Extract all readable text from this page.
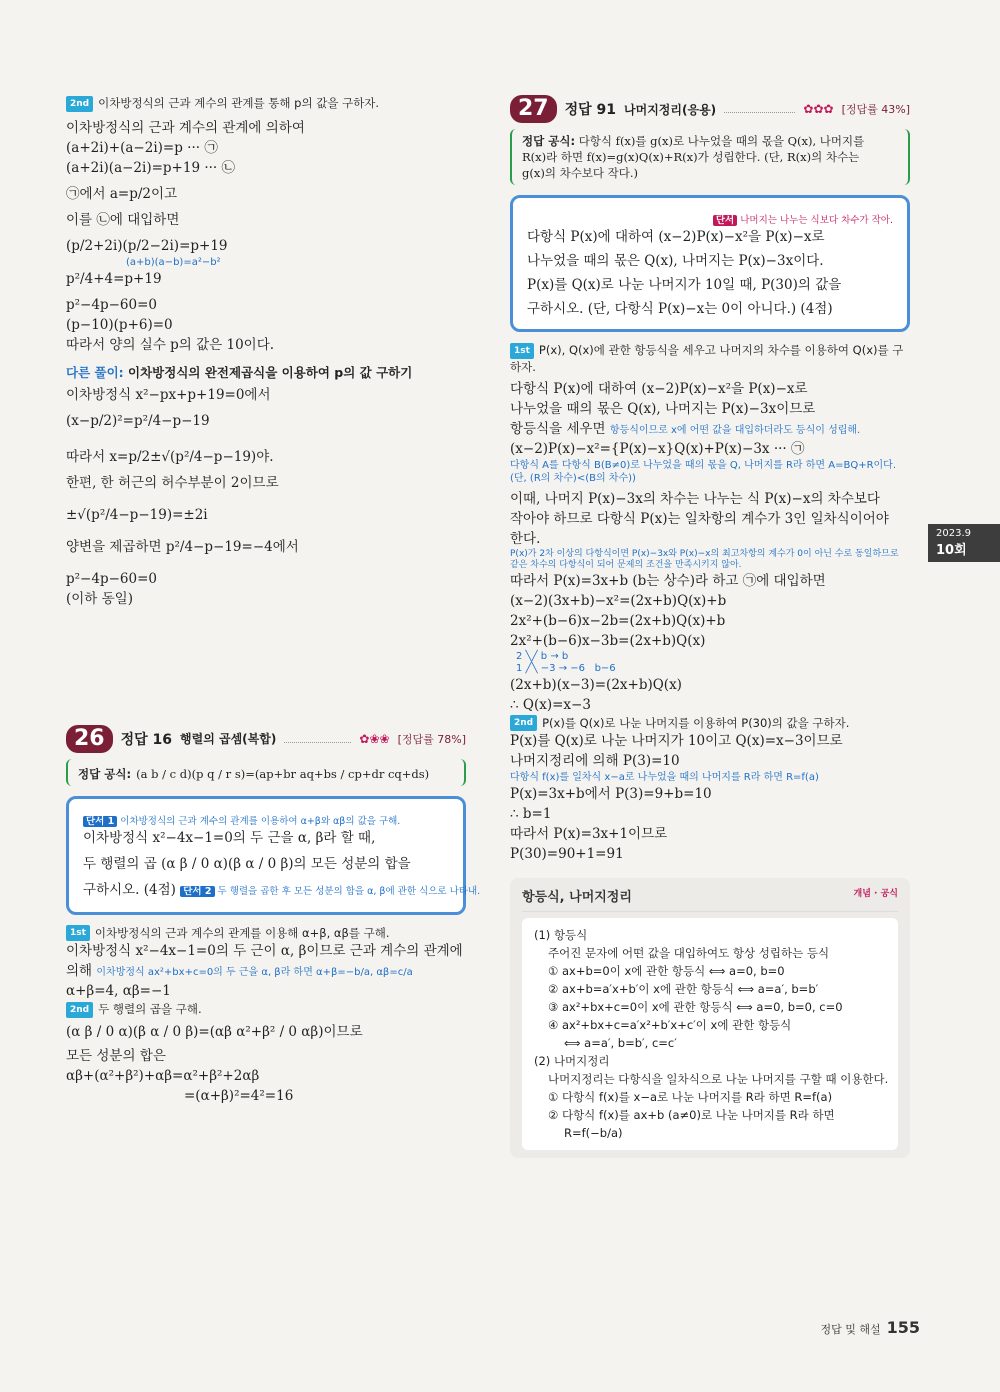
2nd 이차방정식의 근과 계수의 관계를 통해 p의 값을 구하자.
이차방정식의 근과 계수의 관계에 의하여
(a+2i)+(a−2i)=p ··· ㉠
(a+2i)(a−2i)=p+19 ··· ㉡
㉠에서 a=p/2이고
이를 ㉡에 대입하면
(p/2+2i)(p/2−2i)=p+19
(a+b)(a−b)=a²−b²
p²/4+4=p+19
p²−4p−60=0
(p−10)(p+6)=0
따라서 양의 실수 p의 값은 10이다.
다른 풀이: 이차방정식의 완전제곱식을 이용하여 p의 값 구하기
이차방정식 x²−px+p+19=0에서
(x−p/2)²=p²/4−p−19
따라서 x=p/2±√(p²/4−p−19)야.
한편, 한 허근의 허수부분이 2이므로
±√(p²/4−p−19)=±2i
양변을 제곱하면 p²/4−p−19=−4에서
p²−4p−60=0
(이하 동일)
26	정답 16 행렬의 곱셈(복합)	✿❀❀ [정답률 78%]
정답 공식: (a b / c d)(p q / r s)=(ap+br aq+bs / cp+dr cq+ds)
단서 1 이차방정식의 근과 계수의 관계를 이용하여 α+β와 αβ의 값을 구해.
이차방정식 x²−4x−1=0의 두 근을 α, β라 할 때,
두 행렬의 곱 (α β / 0 α)(β α / 0 β)의 모든 성분의 합을
구하시오. (4점) 단서 2 두 행렬을 곱한 후 모든 성분의 합을 α, β에 관한 식으로 나타내.
1st 이차방정식의 근과 계수의 관계를 이용해 α+β, αβ를 구해.
이차방정식 x²−4x−1=0의 두 근이 α, β이므로 근과 계수의 관계에
의해 이차방정식 ax²+bx+c=0의 두 근을 α, β라 하면 α+β=−b/a, αβ=c/a
α+β=4, αβ=−1
2nd 두 행렬의 곱을 구해.
(α β / 0 α)(β α / 0 β)=(αβ α²+β² / 0 αβ)이므로
모든 성분의 합은
αβ+(α²+β²)+αβ=α²+β²+2αβ
=(α+β)²=4²=16
27	정답 91 나머지정리(응용)	✿✿✿ [정답률 43%]
정답 공식: 다항식 f(x)를 g(x)로 나누었을 때의 몫을 Q(x), 나머지를
R(x)라 하면 f(x)=g(x)Q(x)+R(x)가 성립한다. (단, R(x)의 차수는
g(x)의 차수보다 작다.)
단서 나머지는 나누는 식보다 차수가 작아.
다항식 P(x)에 대하여 (x−2)P(x)−x²을 P(x)−x로
나누었을 때의 몫은 Q(x), 나머지는 P(x)−3x이다.
P(x)를 Q(x)로 나눈 나머지가 10일 때, P(30)의 값을
구하시오. (단, 다항식 P(x)−x는 0이 아니다.) (4점)
1st P(x), Q(x)에 관한 항등식을 세우고 나머지의 차수를 이용하여 Q(x)를 구하자.
다항식 P(x)에 대하여 (x−2)P(x)−x²을 P(x)−x로
나누었을 때의 몫은 Q(x), 나머지는 P(x)−3x이므로
항등식을 세우면 항등식이므로 x에 어떤 값을 대입하더라도 등식이 성립해.
(x−2)P(x)−x²={P(x)−x}Q(x)+P(x)−3x ··· ㉠
다항식 A를 다항식 B(B≠0)로 나누었을 때의 몫을 Q, 나머지를 R라 하면 A=BQ+R이다. (단, (R의 차수)<(B의 차수))
이때, 나머지 P(x)−3x의 차수는 나누는 식 P(x)−x의 차수보다
작아야 하므로 다항식 P(x)는 일차항의 계수가 3인 일차식이어야
한다.
P(x)가 2차 이상의 다항식이면 P(x)−3x와 P(x)−x의 최고차항의 계수가 0이 아닌 수로 동일하므로 같은 차수의 다항식이 되어 문제의 조건을 만족시키지 않아.
따라서 P(x)=3x+b (b는 상수)라 하고 ㉠에 대입하면
(x−2)(3x+b)−x²=(2x+b)Q(x)+b
2x²+(b−6)x−2b=(2x+b)Q(x)+b
2x²+(b−6)x−3b=(2x+b)Q(x)
2 ╲╱ b → b
1 ╱╲ −3 → −6 b−6
(2x+b)(x−3)=(2x+b)Q(x)
∴ Q(x)=x−3
2nd P(x)를 Q(x)로 나눈 나머지를 이용하여 P(30)의 값을 구하자.
P(x)를 Q(x)로 나눈 나머지가 10이고 Q(x)=x−3이므로
나머지정리에 의해 P(3)=10
다항식 f(x)를 일차식 x−a로 나누었을 때의 나머지를 R라 하면 R=f(a)
P(x)=3x+b에서 P(3)=9+b=10
∴ b=1
따라서 P(x)=3x+1이므로
P(30)=90+1=91
항등식, 나머지정리	개념 · 공식
(1) 항등식
주어진 문자에 어떤 값을 대입하여도 항상 성립하는 등식
① ax+b=0이 x에 관한 항등식 ⟺ a=0, b=0
② ax+b=a′x+b′이 x에 관한 항등식 ⟺ a=a′, b=b′
③ ax²+bx+c=0이 x에 관한 항등식 ⟺ a=0, b=0, c=0
④ ax²+bx+c=a′x²+b′x+c′이 x에 관한 항등식
⟺ a=a′, b=b′, c=c′
(2) 나머지정리
나머지정리는 다항식을 일차식으로 나눈 나머지를 구할 때 이용한다.
① 다항식 f(x)를 x−a로 나눈 나머지를 R라 하면 R=f(a)
② 다항식 f(x)를 ax+b (a≠0)로 나눈 나머지를 R라 하면
R=f(−b/a)
2023.9
10회
정답 및 해설 155
